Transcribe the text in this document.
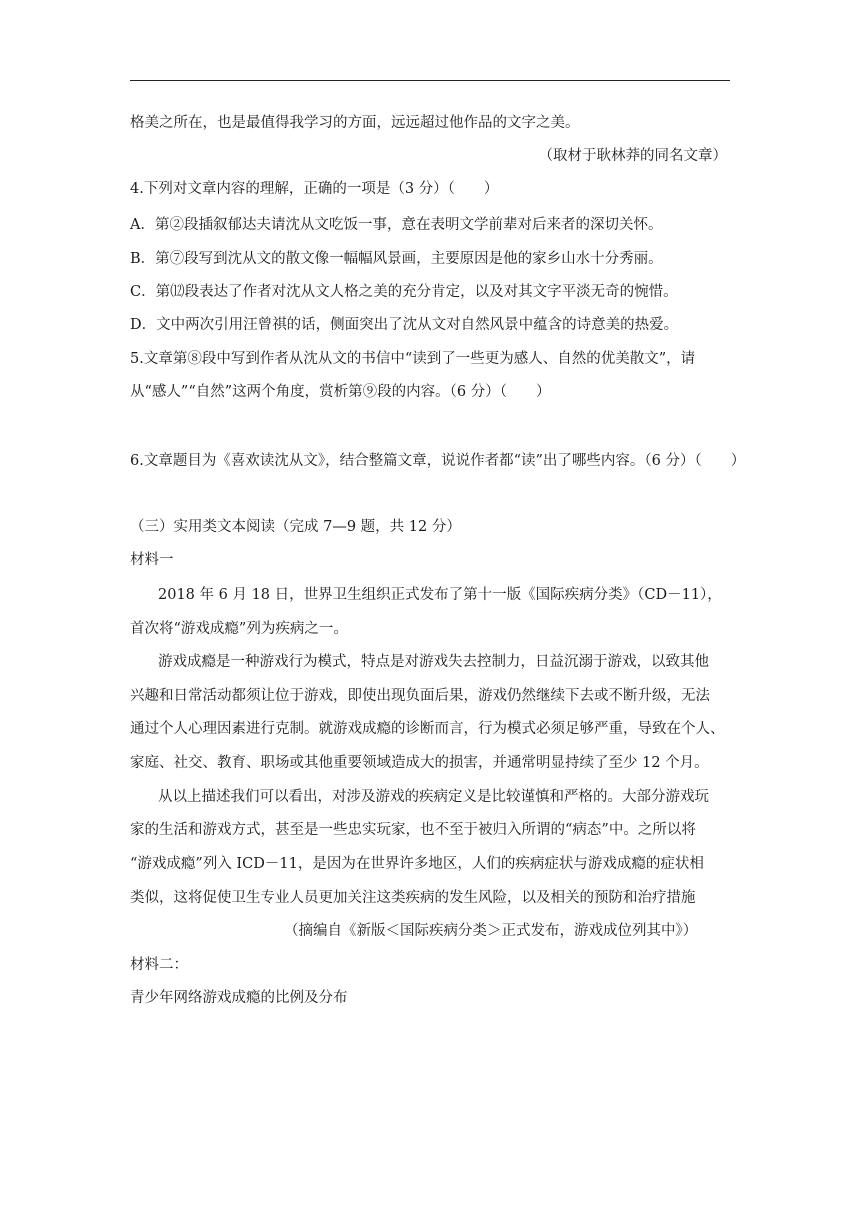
格美之所在，也是最值得我学习的方面，远远超过他作品的文字之美。
（取材于耿林莽的同名文章）
4.下列对文章内容的理解，正确的一项是（3 分）（　　）
A．第②段插叙郁达夫请沈从文吃饭一事，意在表明文学前辈对后来者的深切关怀。
B．第⑦段写到沈从文的散文像一幅幅风景画，主要原因是他的家乡山水十分秀丽。
C．第⑿段表达了作者对沈从文人格之美的充分肯定，以及对其文字平淡无奇的惋惜。
D．文中两次引用汪曾祺的话，侧面突出了沈从文对自然风景中蕴含的诗意美的热爱。
5.文章第⑧段中写到作者从沈从文的书信中“读到了一些更为感人、自然的优美散文”，请
从“感人”“自然”这两个角度，赏析第⑨段的内容。（6 分）（　　）
6.文章题目为《喜欢读沈从文》，结合整篇文章，说说作者都“读”出了哪些内容。（6 分）（　　）
（三）实用类文本阅读（完成 7—9 题，共 12 分）
材料一
2018 年 6 月 18 日，世界卫生组织正式发布了第十一版《国际疾病分类》（CD－11），
首次将“游戏成瘾”列为疾病之一。
游戏成瘾是一种游戏行为模式，特点是对游戏失去控制力，日益沉溺于游戏，以致其他
兴趣和日常活动都须让位于游戏，即使出现负面后果，游戏仍然继续下去或不断升级，无法
通过个人心理因素进行克制。就游戏成瘾的诊断而言，行为模式必须足够严重，导致在个人、
家庭、社交、教育、职场或其他重要领域造成大的损害，并通常明显持续了至少 12 个月。
从以上描述我们可以看出，对涉及游戏的疾病定义是比较谨慎和严格的。大部分游戏玩
家的生活和游戏方式，甚至是一些忠实玩家，也不至于被归入所谓的“病态”中。之所以将
“游戏成瘾”列入 ICD－11，是因为在世界许多地区，人们的疾病症状与游戏成瘾的症状相
类似，这将促使卫生专业人员更加关注这类疾病的发生风险，以及相关的预防和治疗措施
（摘编自《新版＜国际疾病分类＞正式发布，游戏成位列其中》）
材料二：
青少年网络游戏成瘾的比例及分布
